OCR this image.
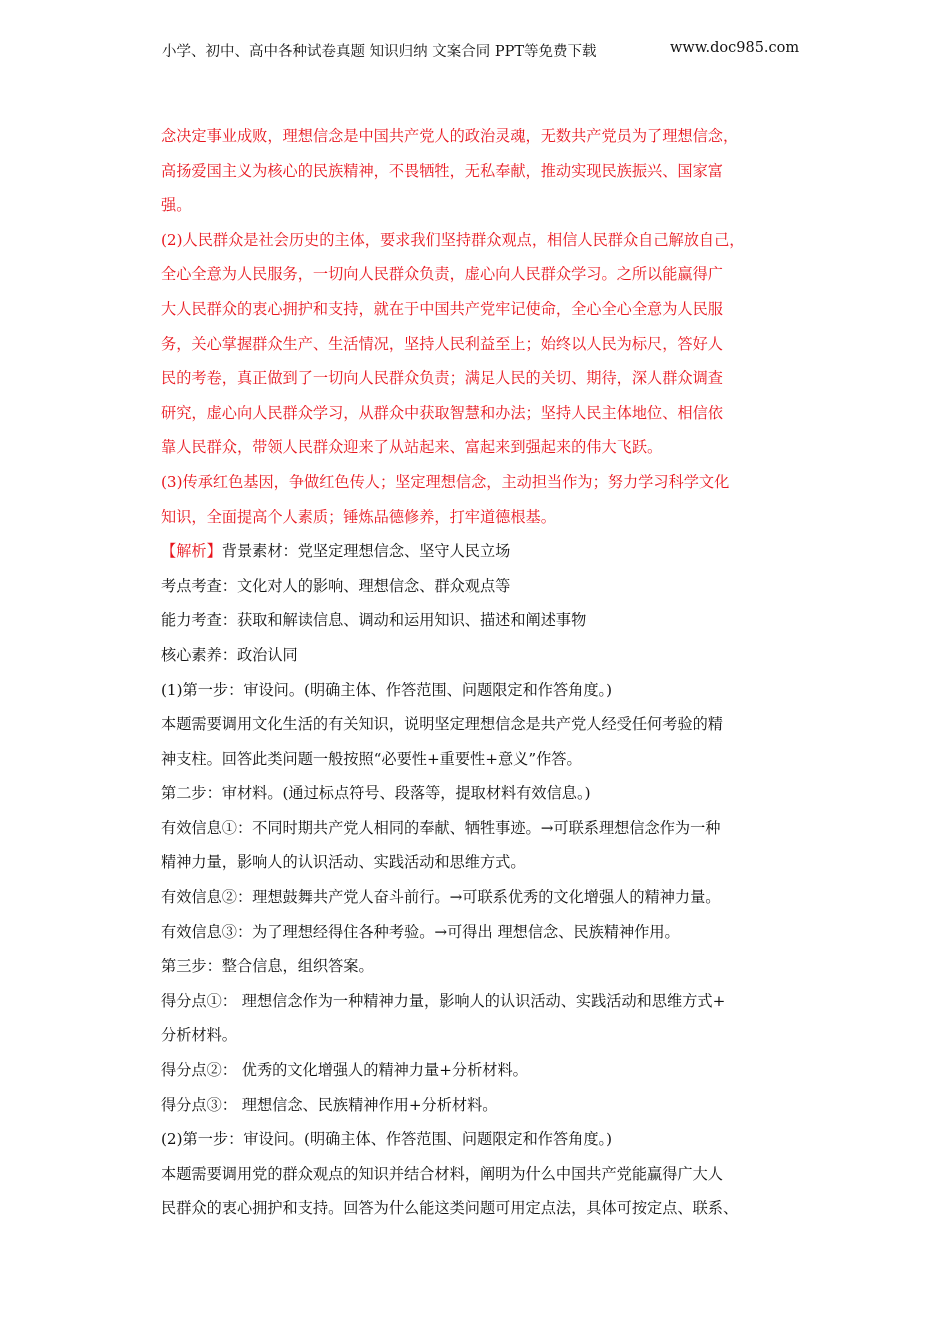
小学、初中、高中各种试卷真题 知识归纳 文案合同 PPT等免费下载	www.doc985.com
念决定事业成败，理想信念是中国共产党人的政治灵魂，无数共产党员为了理想信念，
高扬爱国主义为核心的民族精神，不畏牺牲，无私奉献，推动实现民族振兴、国家富
强。
(2)人民群众是社会历史的主体，要求我们坚持群众观点，相信人民群众自己解放自己，
全心全意为人民服务，一切向人民群众负责，虚心向人民群众学习。之所以能赢得广
大人民群众的衷心拥护和支持，就在于中国共产党牢记使命，全心全心全意为人民服
务，关心掌握群众生产、生活情况，坚持人民利益至上；始终以人民为标尺，答好人
民的考卷，真正做到了一切向人民群众负责；满足人民的关切、期待，深人群众调查
研究，虚心向人民群众学习，从群众中获取智慧和办法；坚持人民主体地位、相信依
靠人民群众，带领人民群众迎来了从站起来、富起来到强起来的伟大飞跃。
(3)传承红色基因，争做红色传人；坚定理想信念，主动担当作为；努力学习科学文化
知识，全面提高个人素质；锤炼品德修养，打牢道德根基。
【解析】背景素材：党坚定理想信念、坚守人民立场
考点考查：文化对人的影响、理想信念、群众观点等
能力考查：获取和解读信息、调动和运用知识、描述和阐述事物
核心素养：政治认同
(1)第一步：审设问。(明确主体、作答范围、问题限定和作答角度。)
本题需要调用文化生活的有关知识，说明坚定理想信念是共产党人经受任何考验的精
神支柱。回答此类问题一般按照“必要性+重要性+意义”作答。
第二步：审材料。(通过标点符号、段落等，提取材料有效信息。)
有效信息①：不同时期共产党人相同的奉献、牺牲事迹。→可联系理想信念作为一种
精神力量，影响人的认识活动、实践活动和思维方式。
有效信息②：理想鼓舞共产党人奋斗前行。→可联系优秀的文化增强人的精神力量。
有效信息③：为了理想经得住各种考验。→可得出 理想信念、民族精神作用。
第三步：整合信息，组织答案。
得分点①： 理想信念作为一种精神力量，影响人的认识活动、实践活动和思维方式+
分析材料。
得分点②： 优秀的文化增强人的精神力量+分析材料。
得分点③： 理想信念、民族精神作用+分析材料。
(2)第一步：审设问。(明确主体、作答范围、问题限定和作答角度。)
本题需要调用党的群众观点的知识并结合材料，阐明为什么中国共产党能赢得广大人
民群众的衷心拥护和支持。回答为什么能这类问题可用定点法，具体可按定点、联系、
